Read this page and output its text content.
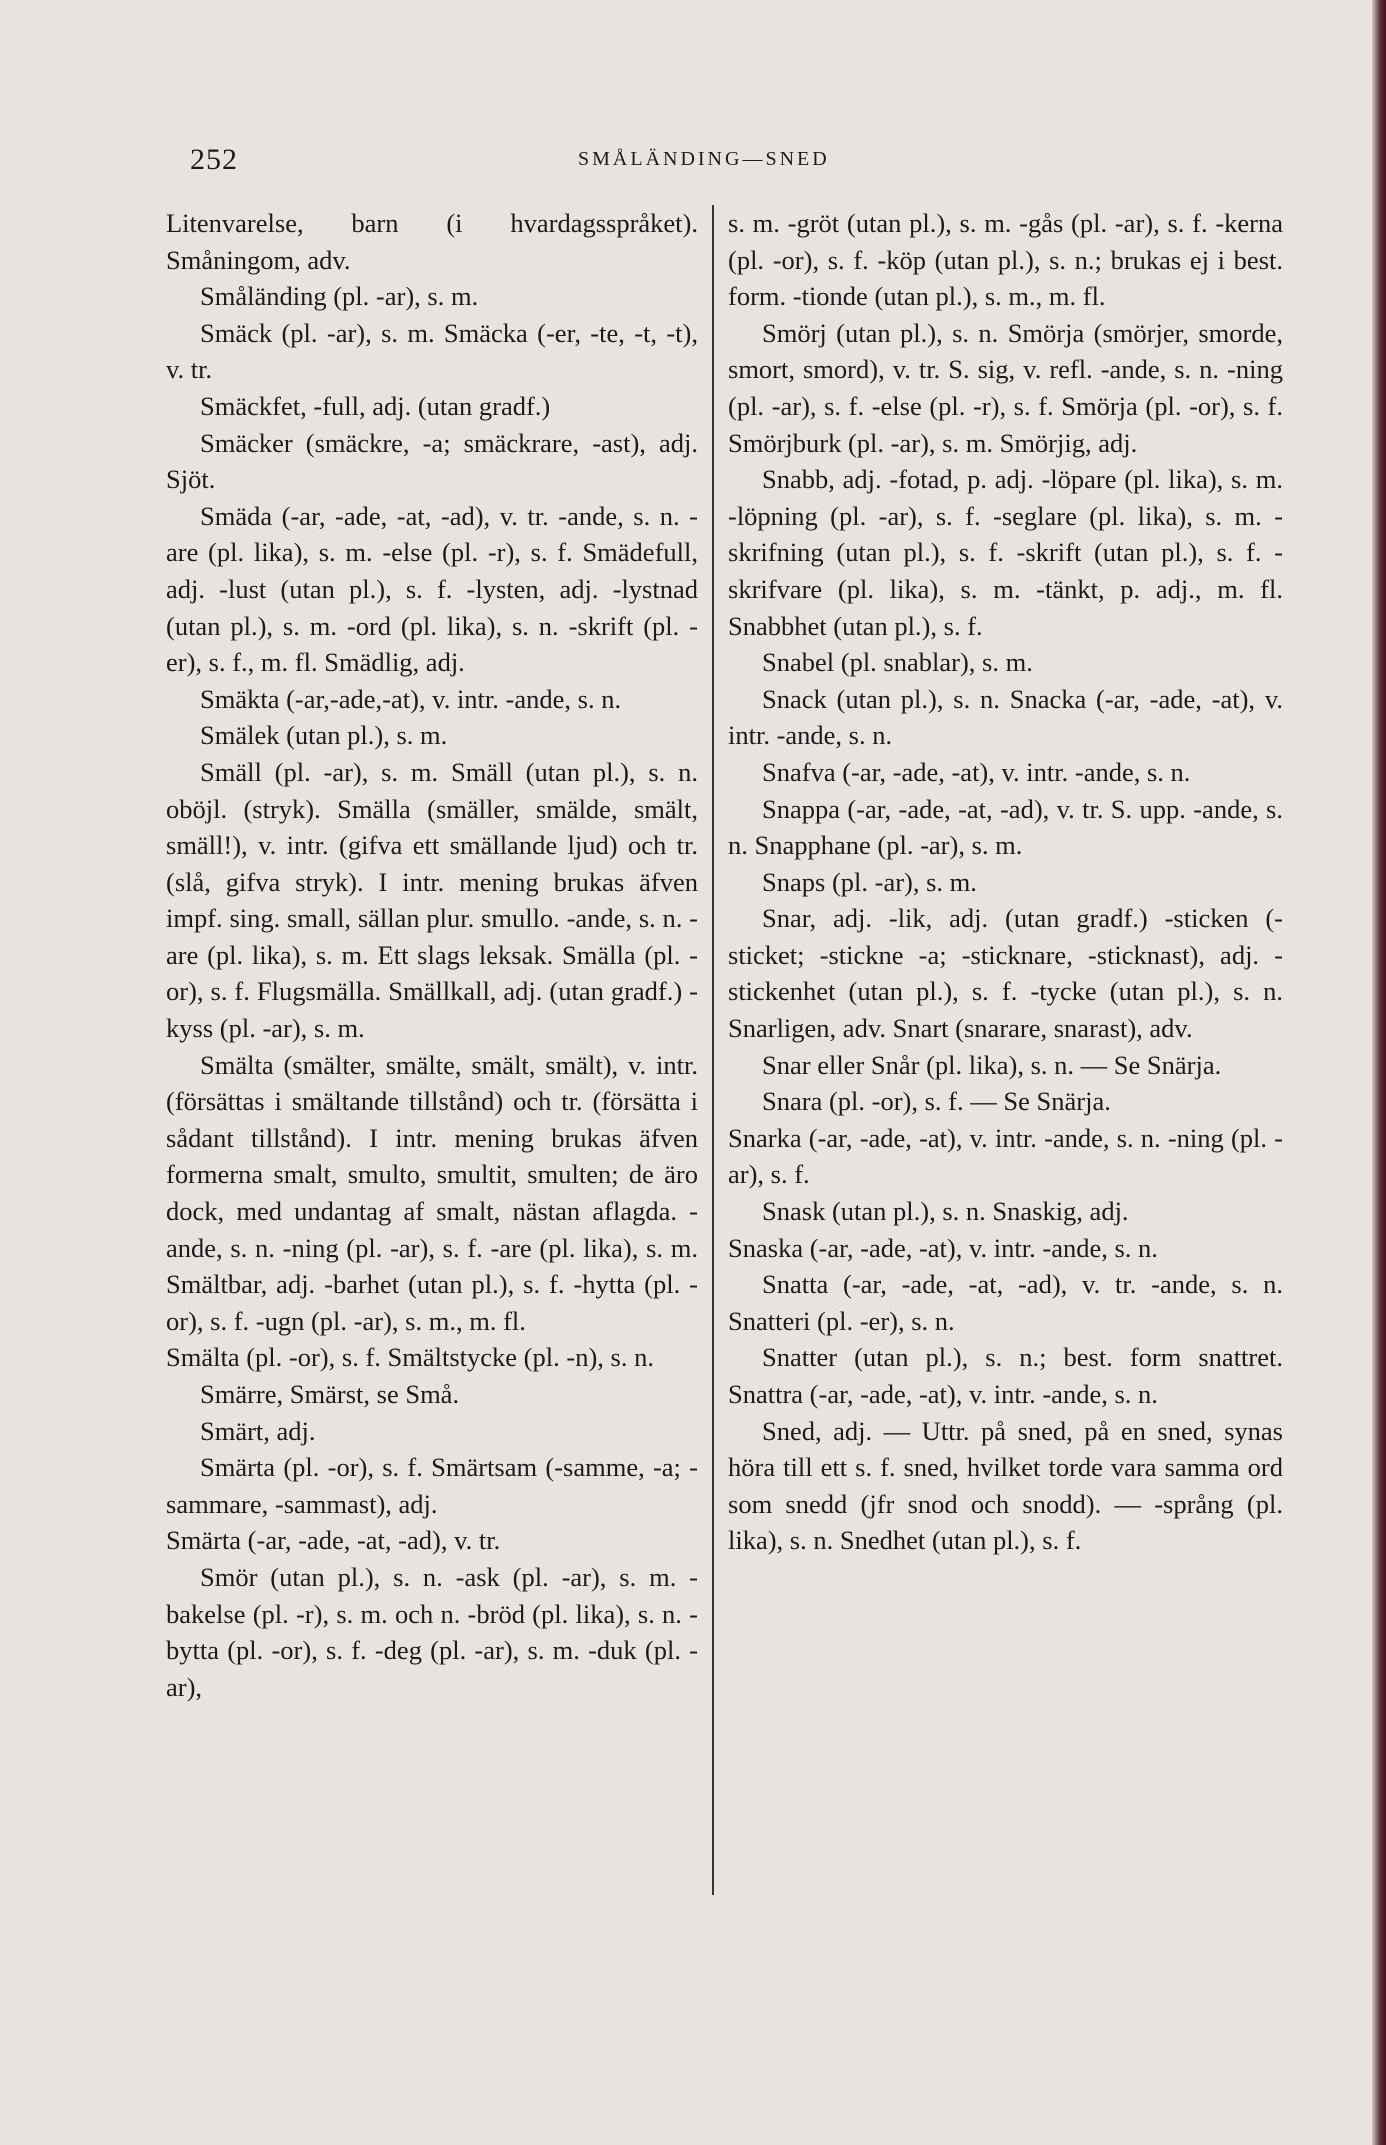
252	SMÅLÄNDING—SNED

Litenvarelse, barn (i hvardagsspråket). Småningom, adv.

Småländing (pl. -ar), s. m.

Smäck (pl. -ar), s. m. Smäcka (-er, -te, -t, -t), v. tr.

Smäckfet, -full, adj. (utan gradf.)

Smäcker (smäckre, -a; smäckrare, -ast), adj. Sjöt.

Smäda (-ar, -ade, -at, -ad), v. tr. -ande, s. n. -are (pl. lika), s. m. -else (pl. -r), s. f. Smädefull, adj. -lust (utan pl.), s. f. -lysten, adj. -lystnad (utan pl.), s. m. -ord (pl. lika), s. n. -skrift (pl. -er), s. f., m. fl. Smädlig, adj.

Smäkta (-ar,-ade,-at), v. intr. -ande, s. n.

Smälek (utan pl.), s. m.

Smäll (pl. -ar), s. m. Smäll (utan pl.), s. n. oböjl. (stryk). Smälla (smäller, smälde, smält, smäll!), v. intr. (gifva ett smällande ljud) och tr. (slå, gifva stryk). I intr. mening brukas äfven impf. sing. small, sällan plur. smullo. -ande, s. n. -are (pl. lika), s. m. Ett slags leksak. Smälla (pl. -or), s. f. Flugsmälla. Smällkall, adj. (utan gradf.) -kyss (pl. -ar), s. m.

Smälta (smälter, smälte, smält, smält), v. intr. (försättas i smältande tillstånd) och tr. (försätta i sådant tillstånd). I intr. mening brukas äfven formerna smalt, smulto, smultit, smulten; de äro dock, med undantag af smalt, nästan aflagda. -ande, s. n. -ning (pl. -ar), s. f. -are (pl. lika), s. m. Smältbar, adj. -barhet (utan pl.), s. f. -hytta (pl. -or), s. f. -ugn (pl. -ar), s. m., m. fl.

Smälta (pl. -or), s. f. Smältstycke (pl. -n), s. n.

Smärre, Smärst, se Små.

Smärt, adj.

Smärta (pl. -or), s. f. Smärtsam (-samme, -a; -sammare, -sammast), adj.

Smärta (-ar, -ade, -at, -ad), v. tr.

Smör (utan pl.), s. n. -ask (pl. -ar), s. m. -bakelse (pl. -r), s. m. och n. -bröd (pl. lika), s. n. -bytta (pl. -or), s. f. -deg (pl. -ar), s. m. -duk (pl. -ar),

s. m. -gröt (utan pl.), s. m. -gås (pl. -ar), s. f. -kerna (pl. -or), s. f. -köp (utan pl.), s. n.; brukas ej i best. form. -tionde (utan pl.), s. m., m. fl.

Smörj (utan pl.), s. n. Smörja (smörjer, smorde, smort, smord), v. tr. S. sig, v. refl. -ande, s. n. -ning (pl. -ar), s. f. -else (pl. -r), s. f. Smörja (pl. -or), s. f. Smörjburk (pl. -ar), s. m. Smörjig, adj.

Snabb, adj. -fotad, p. adj. -löpare (pl. lika), s. m. -löpning (pl. -ar), s. f. -seglare (pl. lika), s. m. -skrifning (utan pl.), s. f. -skrift (utan pl.), s. f. -skrifvare (pl. lika), s. m. -tänkt, p. adj., m. fl. Snabbhet (utan pl.), s. f.

Snabel (pl. snablar), s. m.

Snack (utan pl.), s. n. Snacka (-ar, -ade, -at), v. intr. -ande, s. n.

Snafva (-ar, -ade, -at), v. intr. -ande, s. n.

Snappa (-ar, -ade, -at, -ad), v. tr. S. upp. -ande, s. n. Snapphane (pl. -ar), s. m.

Snaps (pl. -ar), s. m.

Snar, adj. -lik, adj. (utan gradf.) -sticken (-sticket; -stickne -a; -sticknare, -sticknast), adj. -stickenhet (utan pl.), s. f. -tycke (utan pl.), s. n. Snarligen, adv. Snart (snarare, snarast), adv.

Snar eller Snår (pl. lika), s. n. — Se Snärja.

Snara (pl. -or), s. f. — Se Snärja.

Snarka (-ar, -ade, -at), v. intr. -ande, s. n. -ning (pl. -ar), s. f.

Snask (utan pl.), s. n. Snaskig, adj.

Snaska (-ar, -ade, -at), v. intr. -ande, s. n.

Snatta (-ar, -ade, -at, -ad), v. tr. -ande, s. n. Snatteri (pl. -er), s. n.

Snatter (utan pl.), s. n.; best. form snattret. Snattra (-ar, -ade, -at), v. intr. -ande, s. n.

Sned, adj. — Uttr. på sned, på en sned, synas höra till ett s. f. sned, hvilket torde vara samma ord som snedd (jfr snod och snodd). — -språng (pl. lika), s. n. Snedhet (utan pl.), s. f.
